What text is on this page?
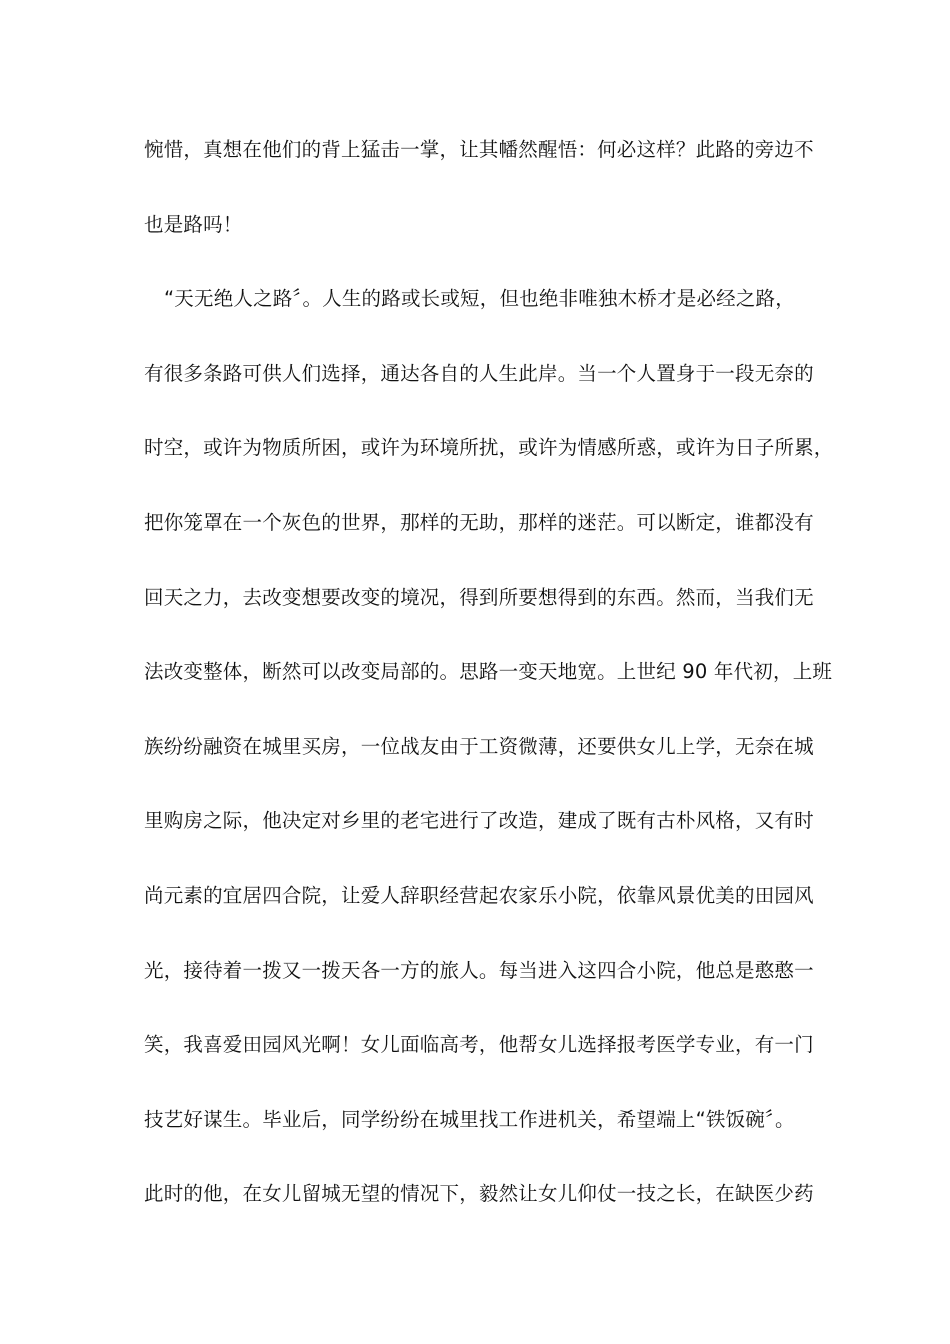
惋惜，真想在他们的背上猛击一掌，让其幡然醒悟：何必这样？此路的旁边不
也是路吗！
“天无绝人之路〞。人生的路或长或短，但也绝非唯独木桥才是必经之路，
有很多条路可供人们选择，通达各自的人生此岸。当一个人置身于一段无奈的
时空，或许为物质所困，或许为环境所扰，或许为情感所惑，或许为日子所累，
把你笼罩在一个灰色的世界，那样的无助，那样的迷茫。可以断定，谁都没有
回天之力，去改变想要改变的境况，得到所要想得到的东西。然而，当我们无
法改变整体，断然可以改变局部的。思路一变天地宽。上世纪 90 年代初，上班
族纷纷融资在城里买房，一位战友由于工资微薄，还要供女儿上学，无奈在城
里购房之际，他决定对乡里的老宅进行了改造，建成了既有古朴风格，又有时
尚元素的宜居四合院，让爱人辞职经营起农家乐小院，依靠风景优美的田园风
光，接待着一拨又一拨天各一方的旅人。每当进入这四合小院，他总是憨憨一
笑，我喜爱田园风光啊！女儿面临高考，他帮女儿选择报考医学专业，有一门
技艺好谋生。毕业后，同学纷纷在城里找工作进机关，希望端上“铁饭碗〞。
此时的他，在女儿留城无望的情况下，毅然让女儿仰仗一技之长，在缺医少药
